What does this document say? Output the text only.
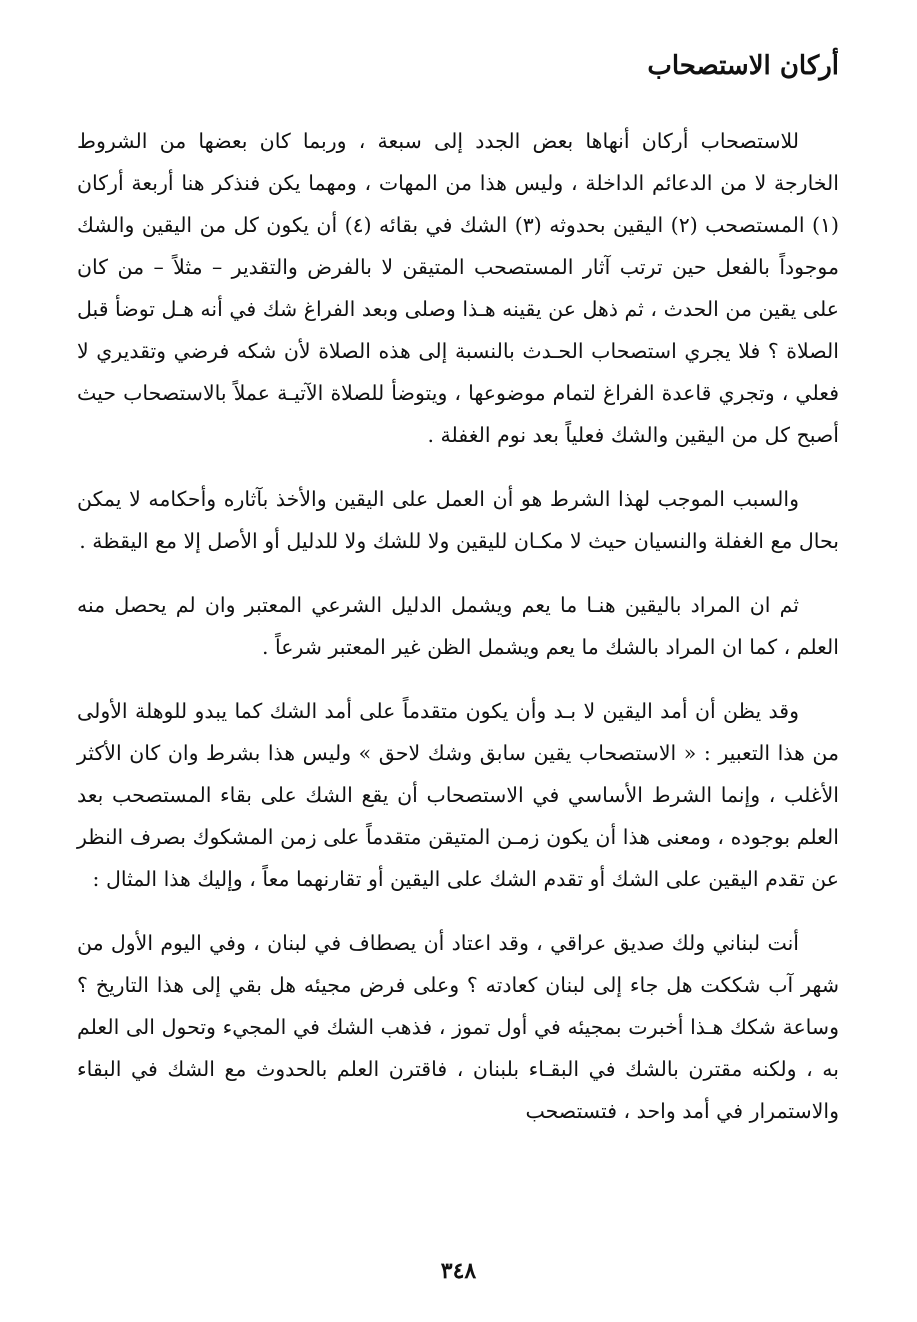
أركان الاستصحاب

للاستصحاب أركان أنهاها بعض الجدد إلى سبعة ، وربما كان بعضها من الشروط الخارجة لا من الدعائم الداخلة ، وليس هذا من المهات ، ومهما يكن فنذكر هنا أربعة أركان (١) المستصحب (٢) اليقين بحدوثه (٣) الشك في بقائه (٤) أن يكون كل من اليقين والشك موجوداً بالفعل حين ترتب آثار المستصحب المتيقن لا بالفرض والتقدير – مثلاً – من كان على يقين من الحدث ، ثم ذهل عن يقينه هـذا وصلى وبعد الفراغ شك في أنه هـل توضأ قبل الصلاة ؟ فلا يجري استصحاب الحـدث بالنسبة إلى هذه الصلاة لأن شكه فرضي وتقديري لا فعلي ، وتجري قاعدة الفراغ لتمام موضوعها ، ويتوضأ للصلاة الآتيـة عملاً بالاستصحاب حيث أصبح كل من اليقين والشك فعلياً بعد نوم الغفلة .

والسبب الموجب لهذا الشرط هو أن العمل على اليقين والأخذ بآثاره وأحكامه لا يمكن بحال مع الغفلة والنسيان حيث لا مكـان لليقين ولا للشك ولا للدليل أو الأصل إلا مع اليقظة .

ثم ان المراد باليقين هنـا ما يعم ويشمل الدليل الشرعي المعتبر وان لم يحصل منه العلم ، كما ان المراد بالشك ما يعم ويشمل الظن غير المعتبر شرعاً .

وقد يظن أن أمد اليقين لا بـد وأن يكون متقدماً على أمد الشك كما يبدو للوهلة الأولى من هذا التعبير : « الاستصحاب يقين سابق وشك لاحق » وليس هذا بشرط وان كان الأكثر الأغلب ، وإنما الشرط الأساسي في الاستصحاب أن يقع الشك على بقاء المستصحب بعد العلم بوجوده ، ومعنى هذا أن يكون زمـن المتيقن متقدماً على زمن المشكوك بصرف النظر عن تقدم اليقين على الشك أو تقدم الشك على اليقين أو تقارنهما معاً ، وإليك هذا المثال :

أنت لبناني ولك صديق عراقي ، وقد اعتاد أن يصطاف في لبنان ، وفي اليوم الأول من شهر آب شككت هل جاء إلى لبنان كعادته ؟ وعلى فرض مجيئه هل بقي إلى هذا التاريخ ؟ وساعة شكك هـذا أخبرت بمجيئه في أول تموز ، فذهب الشك في المجيء وتحول الى العلم به ، ولكنه مقترن بالشك في البقـاء بلبنان ، فاقترن العلم بالحدوث مع الشك في البقاء والاستمرار في أمد واحد ، فتستصحب

٣٤٨
